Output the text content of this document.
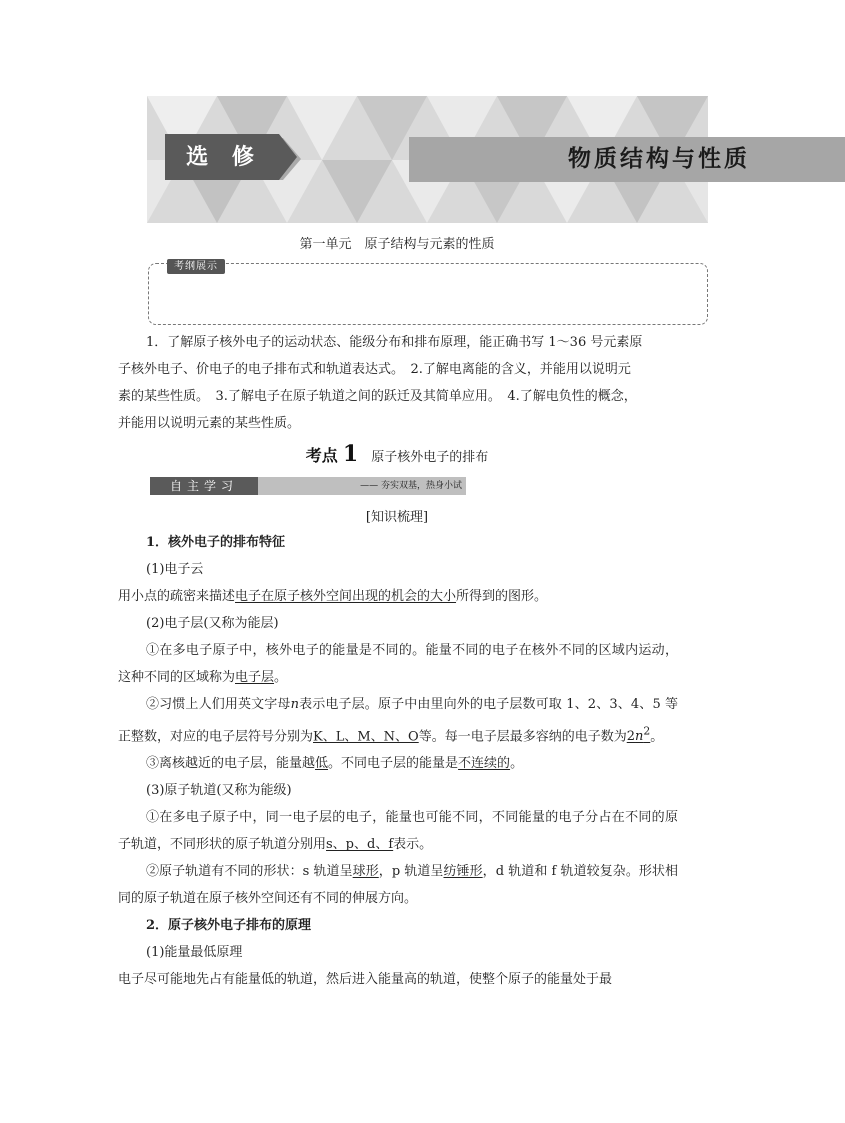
物质结构与性质
选 修
第一单元　原子结构与元素的性质
考纲展示

1．了解原子核外电子的运动状态、能级分布和排布原理，能正确书写 1～36 号元素原

子核外电子、价电子的电子排布式和轨道表达式。　2.了解电离能的含义，并能用以说明元

素的某些性质。　3.了解电子在原子轨道之间的跃迁及其简单应用。　4.了解电负性的概念，

并能用以说明元素的某些性质。

考点 1 原子核外电子的排布
自主学习	—— 夯实双基，热身小试
[知识梳理]

1．核外电子的排布特征

(1)电子云

用小点的疏密来描述电子在原子核外空间出现的机会的大小所得到的图形。

(2)电子层(又称为能层)

①在多电子原子中，核外电子的能量是不同的。能量不同的电子在核外不同的区域内运动，这种不同的区域称为电子层。

②习惯上人们用英文字母n表示电子层。原子中由里向外的电子层数可取 1、2、3、4、5 等正整数，对应的电子层符号分别为K、L、M、N、O等。每一电子层最多容纳的电子数为$2n^2$。

③离核越近的电子层，能量越低。不同电子层的能量是不连续的。

(3)原子轨道(又称为能级)

①在多电子原子中，同一电子层的电子，能量也可能不同，不同能量的电子分占在不同的原子轨道，不同形状的原子轨道分别用s、p、d、f表示。

②原子轨道有不同的形状：s 轨道呈球形，p 轨道呈纺锤形，d 轨道和 f 轨道较复杂。形状相同的原子轨道在原子核外空间还有不同的伸展方向。

2．原子核外电子排布的原理

(1)能量最低原理

电子尽可能地先占有能量低的轨道，然后进入能量高的轨道，使整个原子的能量处于最
